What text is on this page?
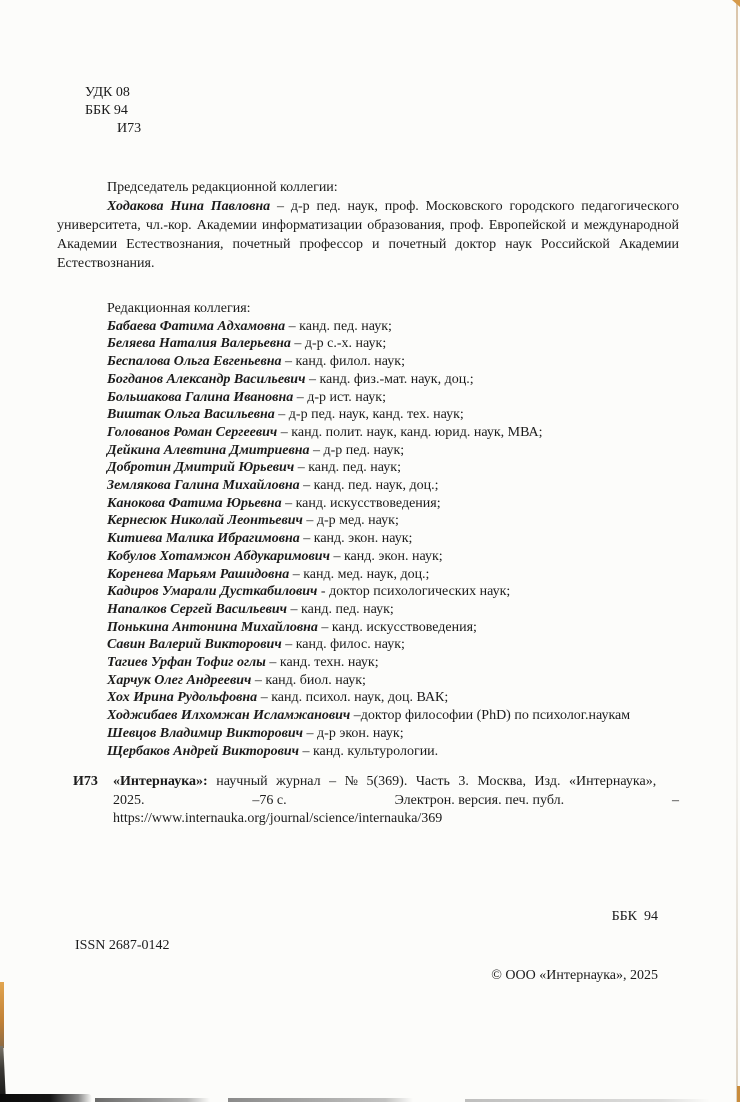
УДК 08

ББК 94

И73

Председатель редакционной коллегии:

Ходакова Нина Павловна – д-р пед. наук, проф. Московского городского педагогического университета, чл.-кор. Академии информатизации образования, проф. Европейской и международной Академии Естествознания, почетный профессор и почетный доктор наук Российской Академии Естествознания.

Редакционная коллегия:

Бабаева Фатима Адхамовна – канд. пед. наук;

Беляева Наталия Валерьевна – д-р с.-х. наук;

Беспалова Ольга Евгеньевна – канд. филол. наук;

Богданов Александр Васильевич – канд. физ.-мат. наук, доц.;

Большакова Галина Ивановна – д-р ист. наук;

Виштак Ольга Васильевна – д-р пед. наук, канд. тех. наук;

Голованов Роман Сергеевич – канд. полит. наук, канд. юрид. наук, МВА;

Дейкина Алевтина Дмитриевна – д-р пед. наук;

Добротин Дмитрий Юрьевич – канд. пед. наук;

Землякова Галина Михайловна – канд. пед. наук, доц.;

Канокова Фатима Юрьевна – канд. искусствоведения;

Кернесюк Николай Леонтьевич – д-р мед. наук;

Китиева Малика Ибрагимовна – канд. экон. наук;

Кобулов Хотамжон Абдукаримович – канд. экон. наук;

Коренева Марьям Рашидовна – канд. мед. наук, доц.;

Кадиров Умарали Дусткабилович - доктор психологических наук;

Напалков Сергей Васильевич – канд. пед. наук;

Понькина Антонина Михайловна – канд. искусствоведения;

Савин Валерий Викторович – канд. филос. наук;

Тагиев Урфан Тофиг оглы – канд. техн. наук;

Харчук Олег Андреевич – канд. биол. наук;

Хох Ирина Рудольфовна – канд. психол. наук, доц. ВАК;

Ходжибаев Илхомжан Исламжанович –доктор философии (PhD) по психолог.наукам

Шевцов Владимир Викторович – д-р экон. наук;

Щербаков Андрей Викторович – канд. культурологии.

И73 «Интернаука»: научный журнал – № 5(369). Часть 3. Москва, Изд. «Интернаука»,

2025.	–76 с.	Электрон. версия. печ. публ.	–

https://www.internauka.org/journal/science/internauka/369

ББК  94

ISSN 2687-0142

© ООО «Интернаука», 2025
